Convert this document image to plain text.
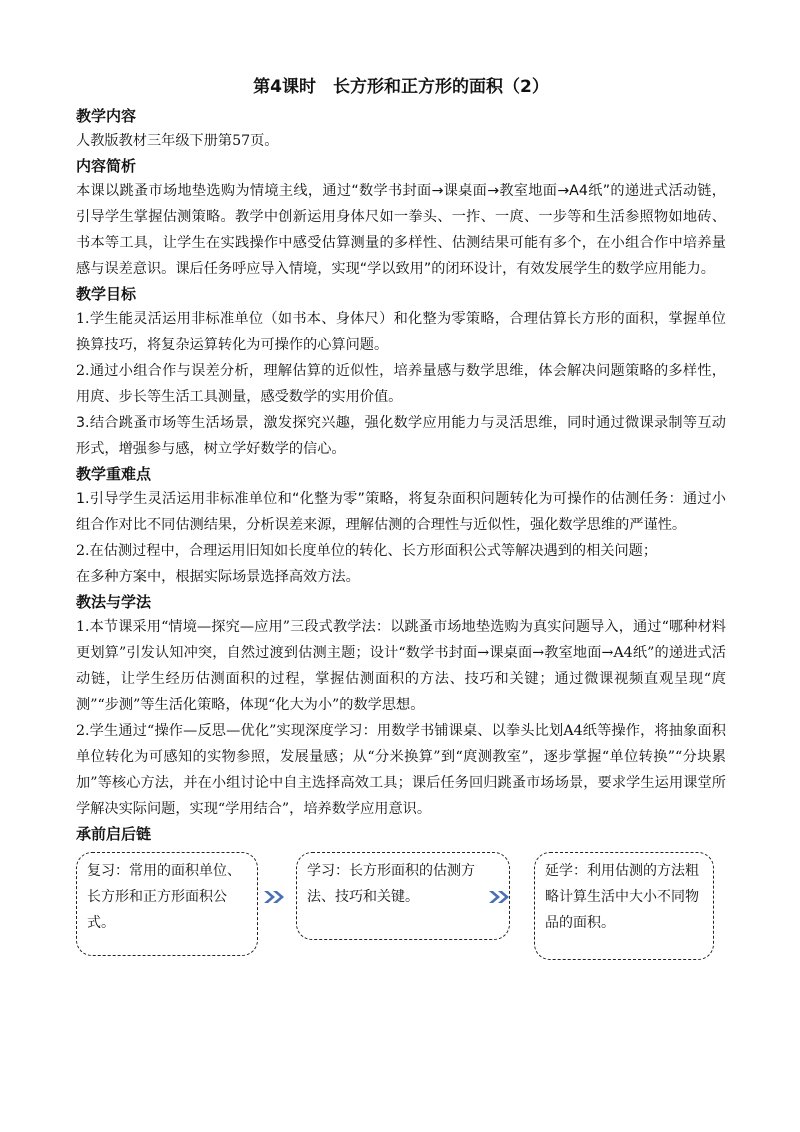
第4课时　长方形和正方形的面积（2）
教学内容

人教版教材三年级下册第57页。

内容简析

本课以跳蚤市场地垫选购为情境主线，通过“数学书封面→课桌面→教室地面→A4纸”的递进式活动链，引导学生掌握估测策略。教学中创新运用身体尺如一拳头、一拃、一庹、一步等和生活参照物如地砖、书本等工具，让学生在实践操作中感受估算测量的多样性、估测结果可能有多个，在小组合作中培养量感与误差意识。课后任务呼应导入情境，实现“学以致用”的闭环设计，有效发展学生的数学应用能力。

教学目标

1.学生能灵活运用非标准单位（如书本、身体尺）和化整为零策略，合理估算长方形的面积，掌握单位换算技巧，将复杂运算转化为可操作的心算问题。

2.通过小组合作与误差分析，理解估算的近似性，培养量感与数学思维，体会解决问题策略的多样性，用庹、步长等生活工具测量，感受数学的实用价值。

3.结合跳蚤市场等生活场景，激发探究兴趣，强化数学应用能力与灵活思维，同时通过微课录制等互动形式，增强参与感，树立学好数学的信心。

教学重难点

1.引导学生灵活运用非标准单位和“化整为零”策略，将复杂面积问题转化为可操作的估测任务：通过小组合作对比不同估测结果，分析误差来源，理解估测的合理性与近似性，强化数学思维的严谨性。

2.在估测过程中，合理运用旧知如长度单位的转化、长方形面积公式等解决遇到的相关问题；

在多种方案中，根据实际场景选择高效方法。

教法与学法

1.本节课采用“情境—探究—应用”三段式教学法：以跳蚤市场地垫选购为真实问题导入，通过“哪种材料更划算”引发认知冲突，自然过渡到估测主题；设计“数学书封面→课桌面→教室地面→A4纸”的递进式活动链，让学生经历估测面积的过程，掌握估测面积的方法、技巧和关键；通过微课视频直观呈现“庹测”“步测”等生活化策略，体现“化大为小”的数学思想。

2.学生通过“操作—反思—优化”实现深度学习：用数学书铺课桌、以拳头比划A4纸等操作，将抽象面积单位转化为可感知的实物参照，发展量感；从“分米换算”到“庹测教室”，逐步掌握“单位转换”“分块累加”等核心方法，并在小组讨论中自主选择高效工具；课后任务回归跳蚤市场场景，要求学生运用课堂所学解决实际问题，实现“学用结合”，培养数学应用意识。

承前启后链
复习：常用的面积单位、长方形和正方形面积公式。
学习：长方形面积的估测方法、技巧和关键。
延学：利用估测的方法粗略计算生活中大小不同物品的面积。
